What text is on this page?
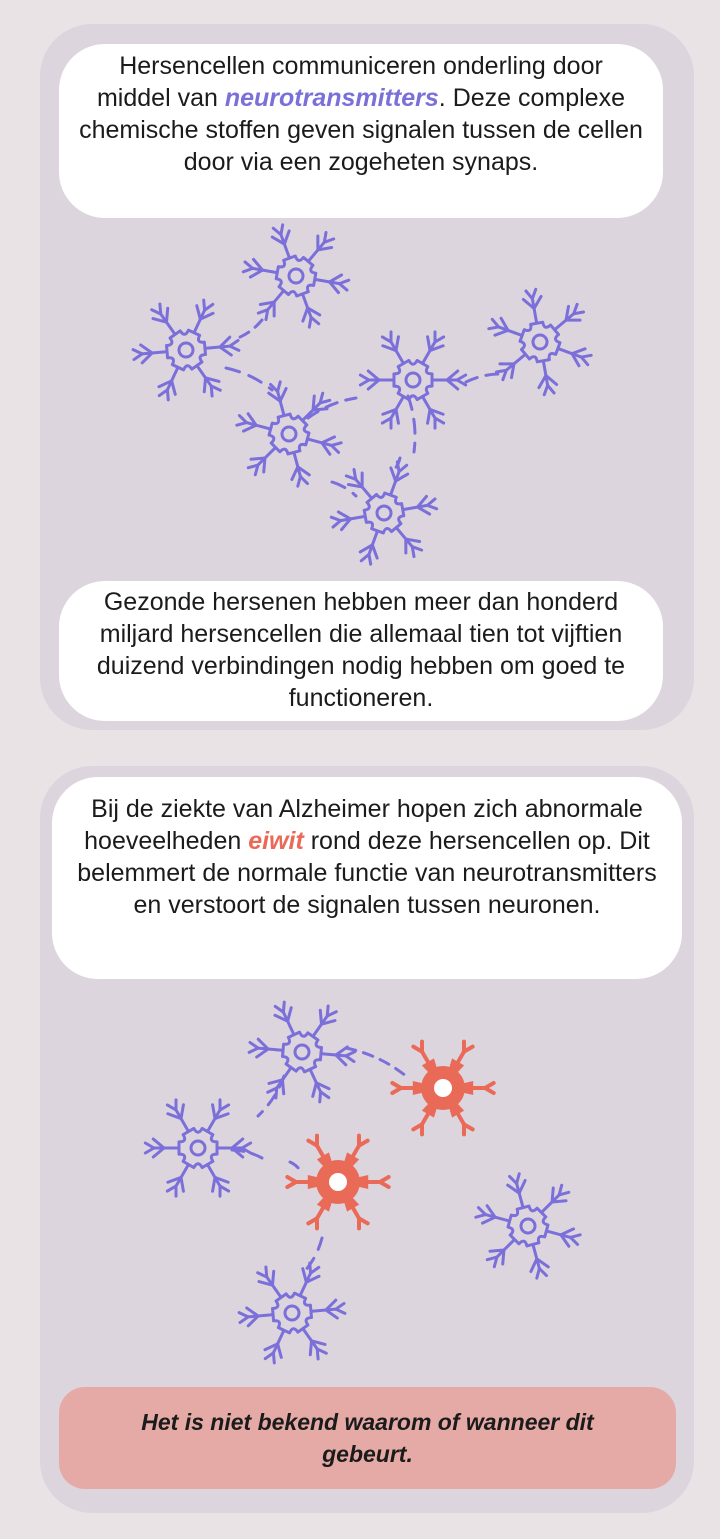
Hersencellen communiceren onderling door middel van neurotransmitters. Deze complexe chemische stoffen geven signalen tussen de cellen door via een zogeheten synaps.
Gezonde hersenen hebben meer dan honderd miljard hersencellen die allemaal tien tot vijftien duizend verbindingen nodig hebben om goed te functioneren.
Bij de ziekte van Alzheimer hopen zich abnormale hoeveelheden eiwit rond deze hersencellen op. Dit belemmert de normale functie van neurotransmitters en verstoort de signalen tussen neuronen.
Het is niet bekend waarom of wanneer dit gebeurt.
